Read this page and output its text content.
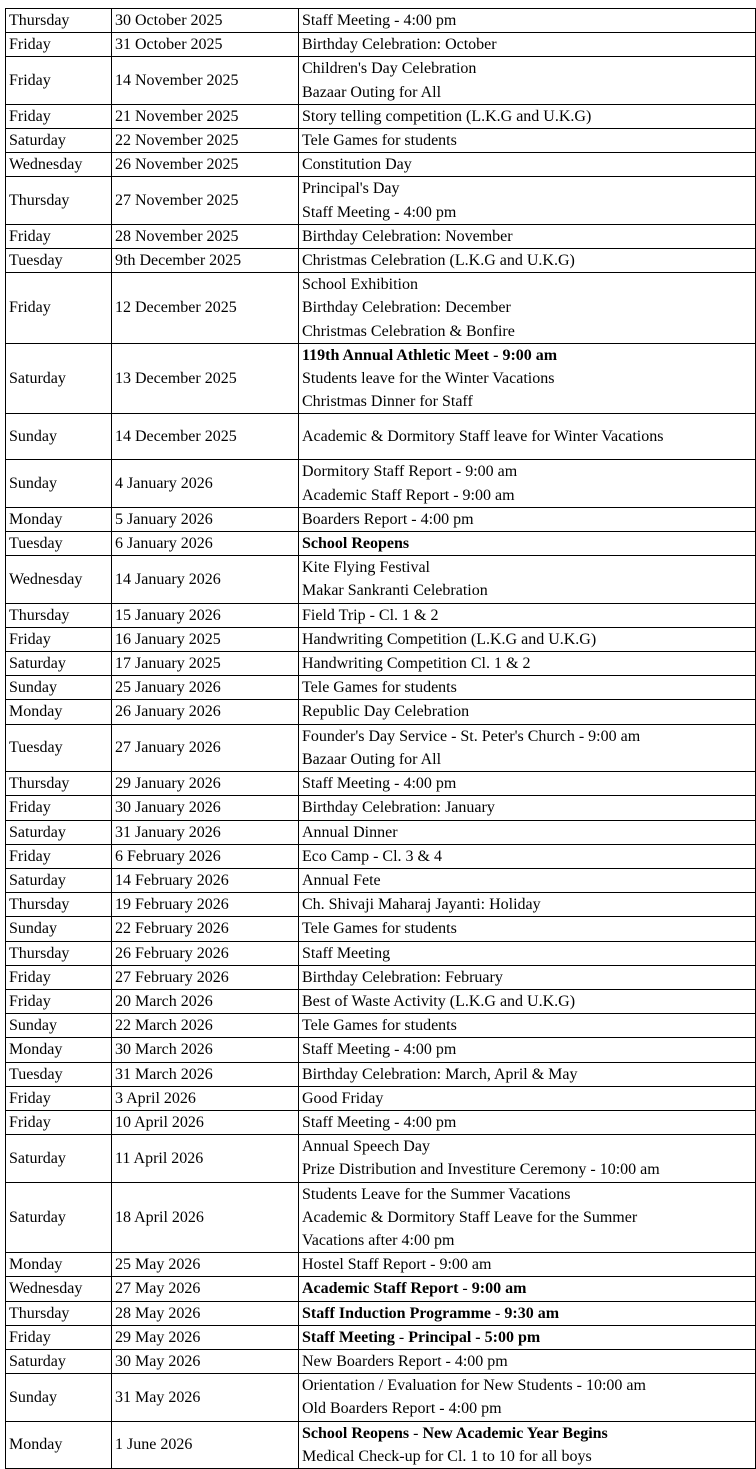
Thursday	30 October 2025	Staff Meeting - 4:00 pm

Friday	31 October 2025	Birthday Celebration: October

Friday	14 November 2025	Children's Day Celebration
Bazaar Outing for All

Friday	21 November 2025	Story telling competition (L.K.G and U.K.G)

Saturday	22 November 2025	Tele Games for students

Wednesday	26 November 2025	Constitution Day

Thursday	27 November 2025	Principal's Day
Staff Meeting - 4:00 pm

Friday	28 November 2025	Birthday Celebration: November

Tuesday	9th December 2025	Christmas Celebration (L.K.G and U.K.G)

Friday	12 December 2025	School Exhibition
Birthday Celebration: December
Christmas Celebration & Bonfire

Saturday	13 December 2025	119th Annual Athletic Meet - 9:00 am
Students leave for the Winter Vacations
Christmas Dinner for Staff

Sunday	14 December 2025	Academic & Dormitory Staff leave for Winter Vacations

Sunday	4 January 2026	Dormitory Staff Report - 9:00 am
Academic Staff Report - 9:00 am

Monday	5 January 2026	Boarders Report - 4:00 pm

Tuesday	6 January 2026	School Reopens

Wednesday	14 January 2026	Kite Flying Festival
Makar Sankranti Celebration

Thursday	15 January 2026	Field Trip - Cl. 1 & 2

Friday	16 January 2025	Handwriting Competition (L.K.G and U.K.G)

Saturday	17 January 2025	Handwriting Competition Cl. 1 & 2

Sunday	25 January 2026	Tele Games for students

Monday	26 January 2026	Republic Day Celebration

Tuesday	27 January 2026	Founder's Day Service - St. Peter's Church - 9:00 am
Bazaar Outing for All

Thursday	29 January 2026	Staff Meeting - 4:00 pm

Friday	30 January 2026	Birthday Celebration: January

Saturday	31 January 2026	Annual Dinner

Friday	6 February 2026	Eco Camp - Cl. 3 & 4

Saturday	14 February 2026	Annual Fete

Thursday	19 February 2026	Ch. Shivaji Maharaj Jayanti: Holiday

Sunday	22 February 2026	Tele Games for students

Thursday	26 February 2026	Staff Meeting

Friday	27 February 2026	Birthday Celebration: February

Friday	20 March 2026	Best of Waste Activity (L.K.G and U.K.G)

Sunday	22 March 2026	Tele Games for students

Monday	30 March 2026	Staff Meeting - 4:00 pm

Tuesday	31 March 2026	Birthday Celebration: March, April & May

Friday	3 April 2026	Good Friday

Friday	10 April 2026	Staff Meeting - 4:00 pm

Saturday	11 April 2026	Annual Speech Day
Prize Distribution and Investiture Ceremony - 10:00 am

Saturday	18 April 2026	Students Leave for the Summer Vacations
Academic & Dormitory Staff Leave for the Summer
Vacations after 4:00 pm

Monday	25 May 2026	Hostel Staff Report - 9:00 am

Wednesday	27 May 2026	Academic Staff Report - 9:00 am

Thursday	28 May 2026	Staff Induction Programme - 9:30 am

Friday	29 May 2026	Staff Meeting - Principal - 5:00 pm

Saturday	30 May 2026	New Boarders Report - 4:00 pm

Sunday	31 May 2026	Orientation / Evaluation for New Students - 10:00 am
Old Boarders Report - 4:00 pm

Monday	1 June 2026	School Reopens - New Academic Year Begins
Medical Check-up for Cl. 1 to 10 for all boys
